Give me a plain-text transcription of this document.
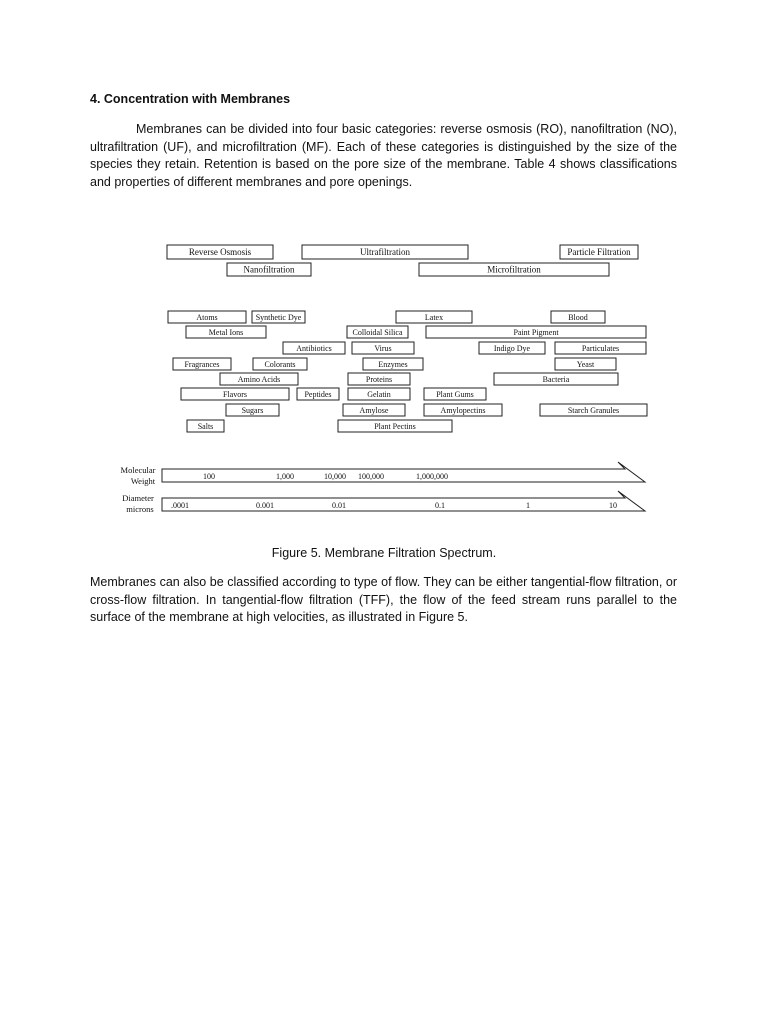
4. Concentration with Membranes

Membranes can be divided into four basic categories: reverse osmosis (RO), nanofiltration (NO), ultrafiltration (UF), and microfiltration (MF). Each of these categories is distinguished by the size of the species they retain. Retention is based on the pore size of the membrane. Table 4 shows classifications and properties of different membranes and pore openings.

Reverse Osmosis	Ultrafiltration	Particle Filtration
Nanofiltration	Microfiltration
Atoms	Synthetic Dye	Latex	Blood
Metal Ions	Colloidal Silica	Paint Pigment
Antibiotics	Virus	Indigo Dye	Particulates
Fragrances	Colorants	Enzymes	Yeast
Amino Acids	Proteins	Bacteria
Flavors	Peptides	Gelatin	Plant Gums
Sugars	Amylose	Amylopectins	Starch Granules
Salts	Plant Pectins
Molecular
Weight	100	1,000	10,000 100,000	1,000,000
Diameter
microns .0001	0.001	0.01	0.1	1	10

Figure 5. Membrane Filtration Spectrum.

Membranes can also be classified according to type of flow. They can be either tangential-flow filtration, or cross-flow filtration. In tangential-flow filtration (TFF), the flow of the feed stream runs parallel to the surface of the membrane at high velocities, as illustrated in Figure 5.
